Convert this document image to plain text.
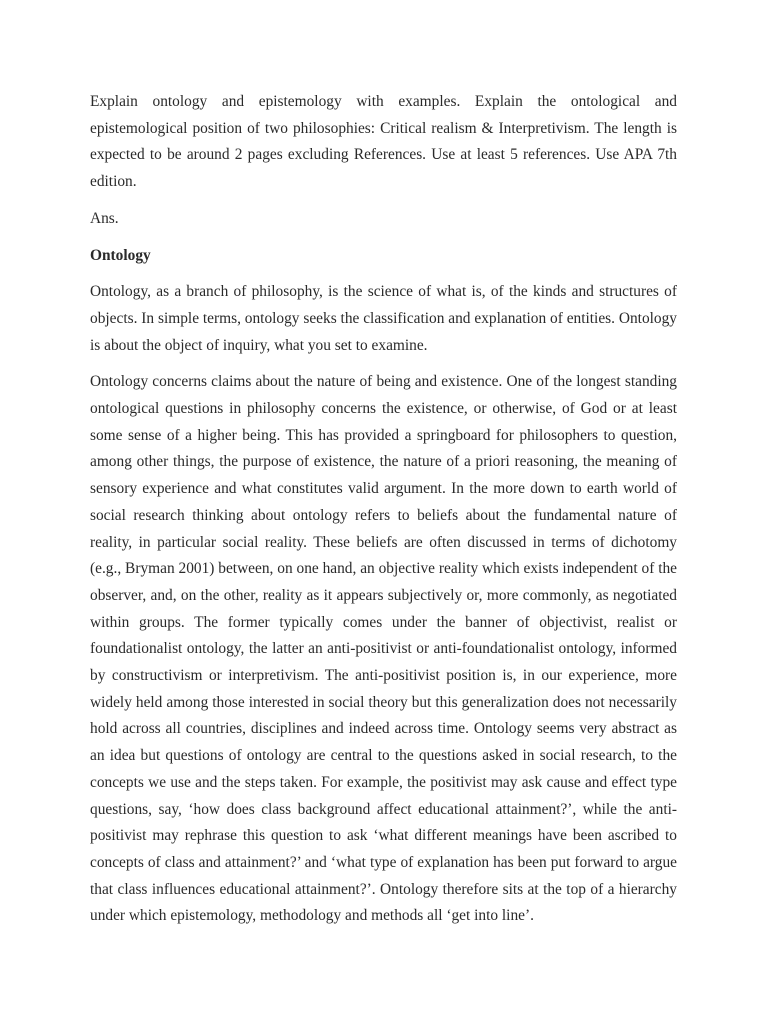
Explain ontology and epistemology with examples. Explain the ontological and epistemological position of two philosophies: Critical realism & Interpretivism. The length is expected to be around 2 pages excluding References. Use at least 5 references. Use APA 7th edition.

Ans.

Ontology

Ontology, as a branch of philosophy, is the science of what is, of the kinds and structures of objects. In simple terms, ontology seeks the classification and explanation of entities. Ontology is about the object of inquiry, what you set to examine.

Ontology concerns claims about the nature of being and existence. One of the longest standing ontological questions in philosophy concerns the existence, or otherwise, of God or at least some sense of a higher being. This has provided a springboard for philosophers to question, among other things, the purpose of existence, the nature of a priori reasoning, the meaning of sensory experience and what constitutes valid argument. In the more down to earth world of social research thinking about ontology refers to beliefs about the fundamental nature of reality, in particular social reality. These beliefs are often discussed in terms of dichotomy (e.g., Bryman 2001) between, on one hand, an objective reality which exists independent of the observer, and, on the other, reality as it appears subjectively or, more commonly, as negotiated within groups. The former typically comes under the banner of objectivist, realist or foundationalist ontology, the latter an anti-positivist or anti-foundationalist ontology, informed by constructivism or interpretivism. The anti-positivist position is, in our experience, more widely held among those interested in social theory but this generalization does not necessarily hold across all countries, disciplines and indeed across time. Ontology seems very abstract as an idea but questions of ontology are central to the questions asked in social research, to the concepts we use and the steps taken. For example, the positivist may ask cause and effect type questions, say, ‘how does class background affect educational attainment?’, while the anti-positivist may rephrase this question to ask ‘what different meanings have been ascribed to concepts of class and attainment?’ and ‘what type of explanation has been put forward to argue that class influences educational attainment?’. Ontology therefore sits at the top of a hierarchy under which epistemology, methodology and methods all ‘get into line’.
